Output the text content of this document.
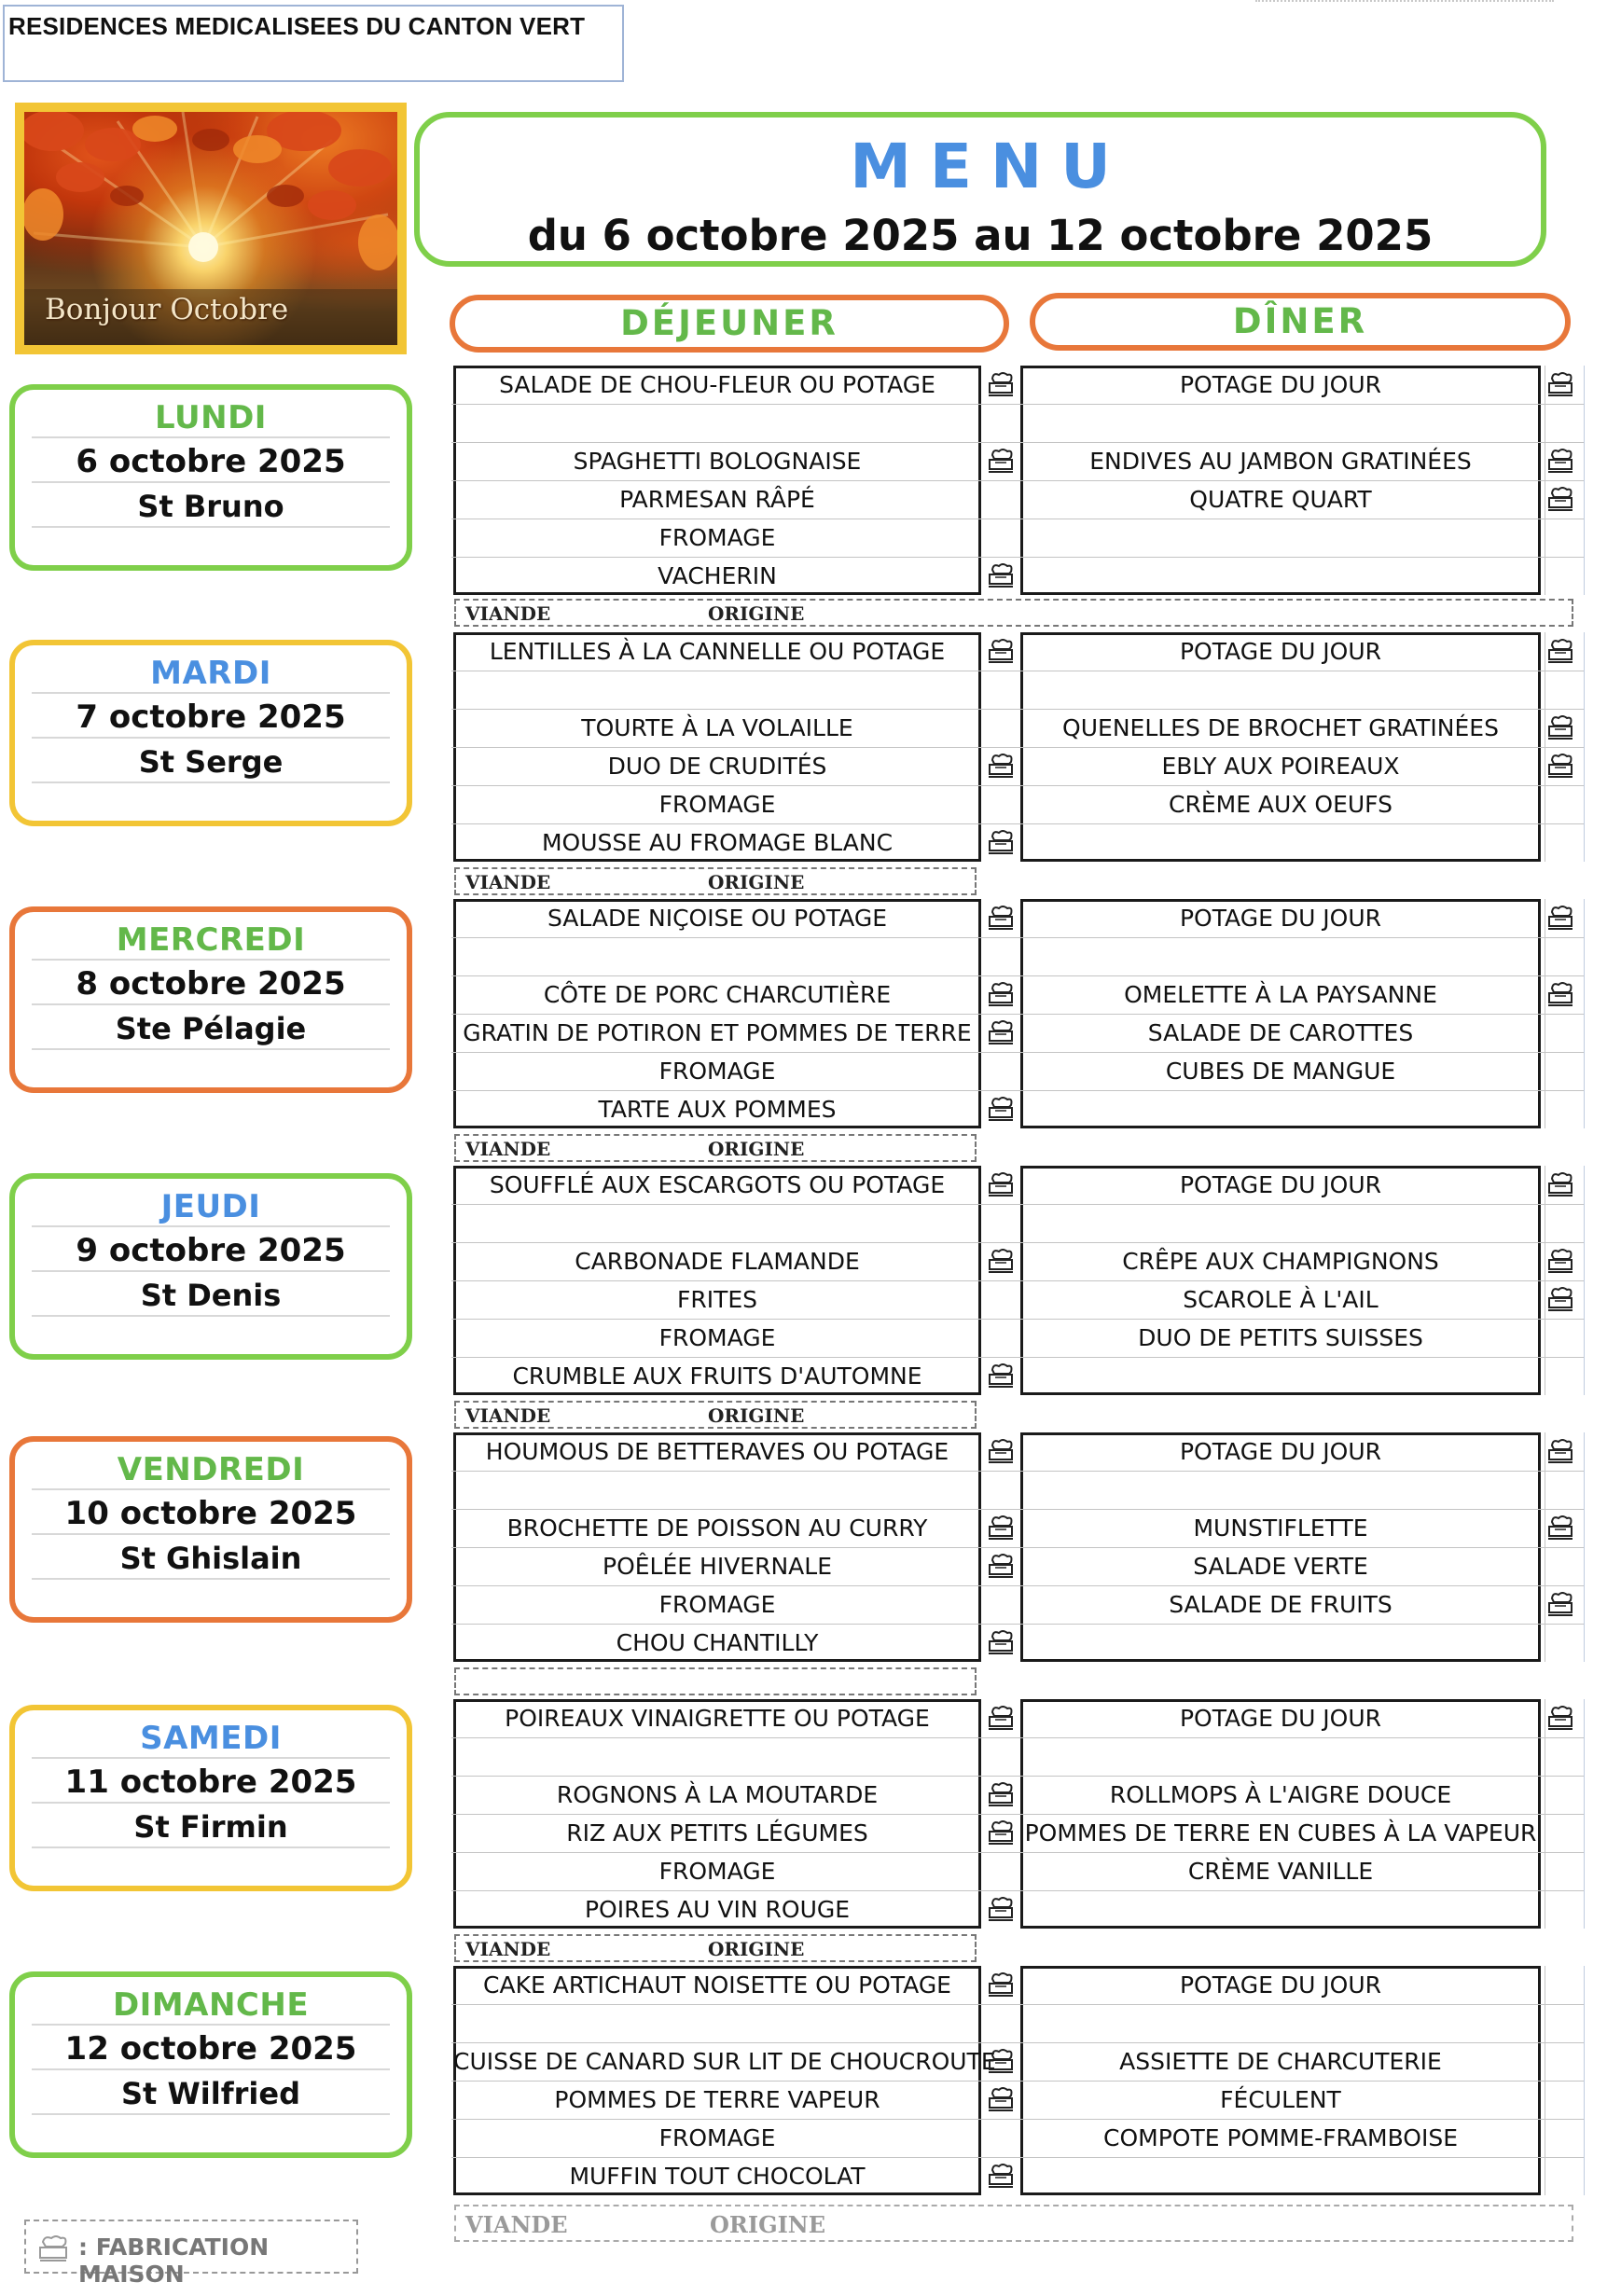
RESIDENCES MEDICALISEES DU CANTON VERT
Bonjour Octobre
MENU
du 6 octobre 2025 au 12 octobre 2025
DÉJEUNER	DÎNER
LUNDI
6 octobre 2025
St Bruno
MARDI
7 octobre 2025
St Serge
MERCREDI
8 octobre 2025
Ste Pélagie
JEUDI
9 octobre 2025
St Denis
VENDREDI
10 octobre 2025
St Ghislain
SAMEDI
11 octobre 2025
St Firmin
DIMANCHE
12 octobre 2025
St Wilfried
SALADE DE CHOU-FLEUR OU POTAGE	POTAGE DU JOUR
SPAGHETTI BOLOGNAISE	ENDIVES AU JAMBON GRATINÉES
PARMESAN RÂPÉ	QUATRE QUART
FROMAGE
VACHERIN
LENTILLES À LA CANNELLE OU POTAGE	POTAGE DU JOUR
TOURTE À LA VOLAILLE	QUENELLES DE BROCHET GRATINÉES
DUO DE CRUDITÉS	EBLY AUX POIREAUX
FROMAGE	CRÈME AUX OEUFS
MOUSSE AU FROMAGE BLANC
SALADE NIÇOISE OU POTAGE	POTAGE DU JOUR
CÔTE DE PORC CHARCUTIÈRE	OMELETTE À LA PAYSANNE
GRATIN DE POTIRON ET POMMES DE TERRE	SALADE DE CAROTTES
FROMAGE	CUBES DE MANGUE
TARTE AUX POMMES
SOUFFLÉ AUX ESCARGOTS OU POTAGE	POTAGE DU JOUR
CARBONADE FLAMANDE	CRÊPE AUX CHAMPIGNONS
FRITES	SCAROLE À L'AIL
FROMAGE	DUO DE PETITS SUISSES
CRUMBLE AUX FRUITS D'AUTOMNE
HOUMOUS DE BETTERAVES OU POTAGE	POTAGE DU JOUR
BROCHETTE DE POISSON AU CURRY	MUNSTIFLETTE
POÊLÉE HIVERNALE	SALADE VERTE
FROMAGE	SALADE DE FRUITS
CHOU CHANTILLY
POIREAUX VINAIGRETTE OU POTAGE	POTAGE DU JOUR
ROGNONS À LA MOUTARDE	ROLLMOPS À L'AIGRE DOUCE
RIZ AUX PETITS LÉGUMES	POMMES DE TERRE EN CUBES À LA VAPEUR
FROMAGE	CRÈME VANILLE
POIRES AU VIN ROUGE
CAKE ARTICHAUT NOISETTE OU POTAGE	POTAGE DU JOUR
CUISSE DE CANARD SUR LIT DE CHOUCROUTE	ASSIETTE DE CHARCUTERIE
POMMES DE TERRE VAPEUR	FÉCULENT
FROMAGE	COMPOTE POMME-FRAMBOISE
MUFFIN TOUT CHOCOLAT
VIANDE	ORIGINE
VIANDE	ORIGINE
VIANDE	ORIGINE
VIANDE	ORIGINE
VIANDE	ORIGINE
VIANDE	ORIGINE
: FABRICATION MAISON
